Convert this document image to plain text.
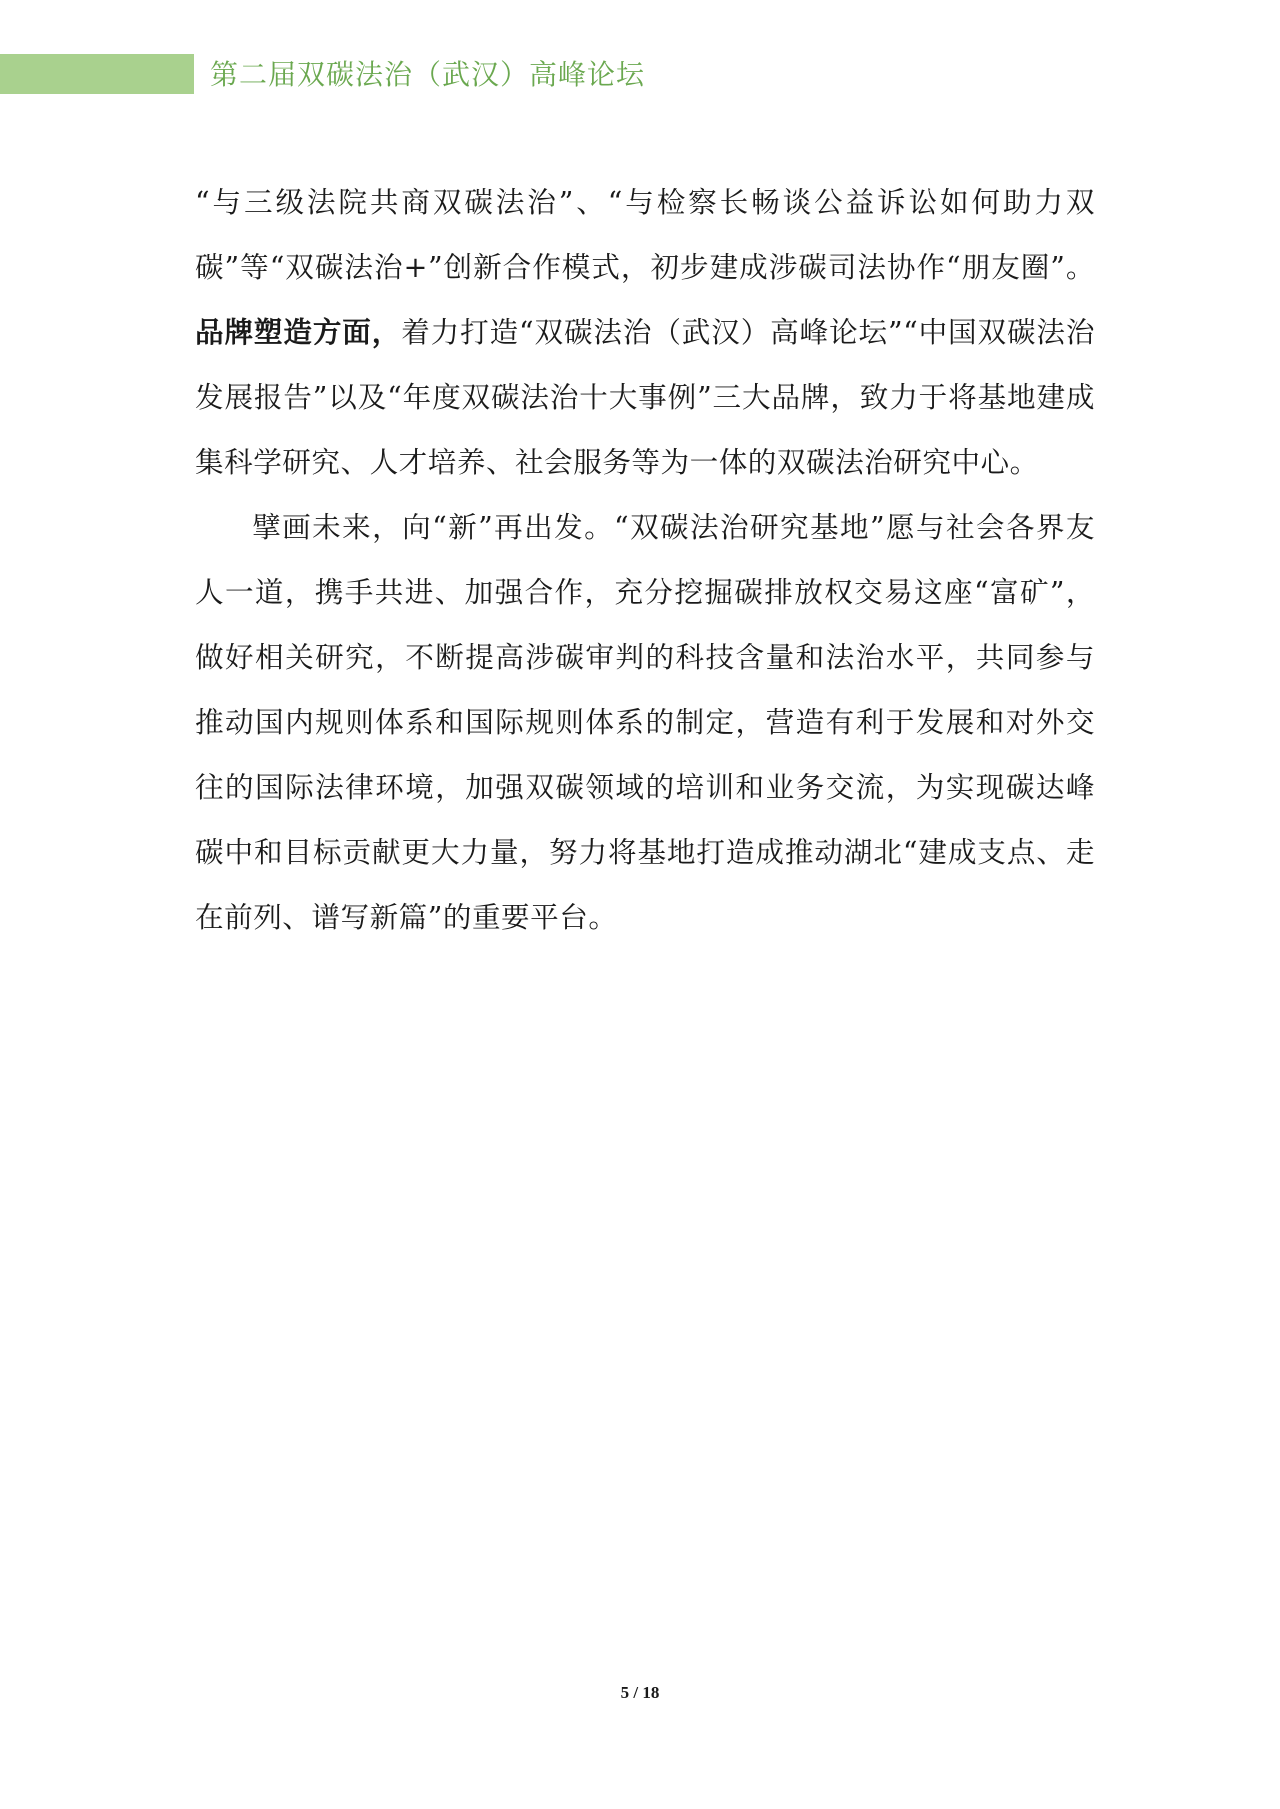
第二届双碳法治（武汉）高峰论坛

“与三级法院共商双碳法治”、“与检察长畅谈公益诉讼如何助力双碳”等“双碳法治+”创新合作模式，初步建成涉碳司法协作“朋友圈”。品牌塑造方面，着力打造“双碳法治（武汉）高峰论坛”“中国双碳法治发展报告”以及“年度双碳法治十大事例”三大品牌，致力于将基地建成集科学研究、人才培养、社会服务等为一体的双碳法治研究中心。

擘画未来，向“新”再出发。“双碳法治研究基地”愿与社会各界友人一道，携手共进、加强合作，充分挖掘碳排放权交易这座“富矿”，做好相关研究，不断提高涉碳审判的科技含量和法治水平，共同参与推动国内规则体系和国际规则体系的制定，营造有利于发展和对外交往的国际法律环境，加强双碳领域的培训和业务交流，为实现碳达峰碳中和目标贡献更大力量，努力将基地打造成推动湖北“建成支点、走在前列、谱写新篇”的重要平台。

5 / 18
